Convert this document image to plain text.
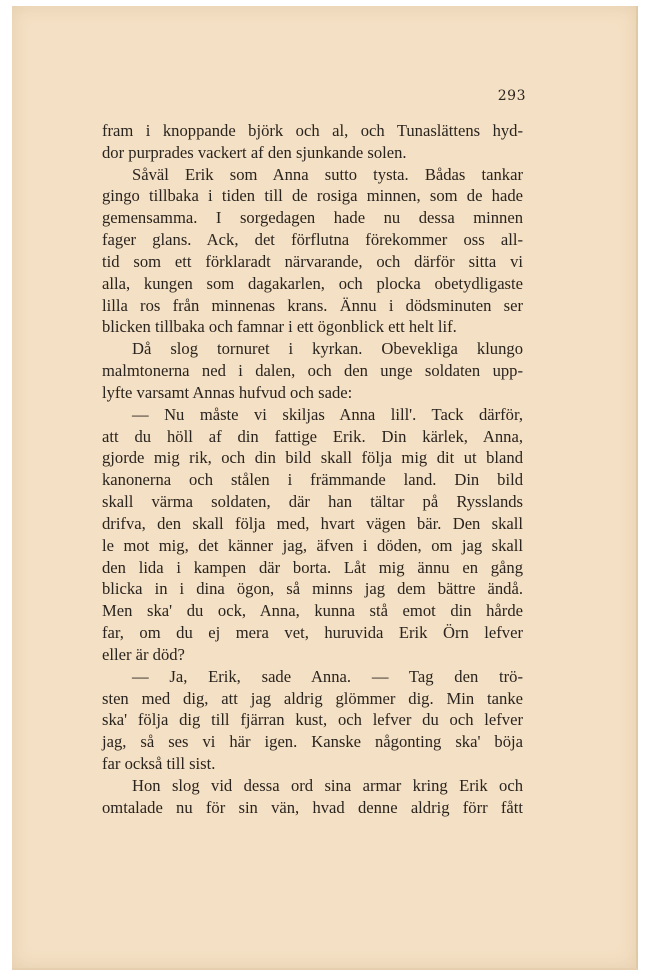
293
fram i knoppande björk och al, och Tunaslättens hyd-
dor purprades vackert af den sjunkande solen.
Såväl Erik som Anna sutto tysta. Bådas tankar
gingo tillbaka i tiden till de rosiga minnen, som de hade
gemensamma. I sorgedagen hade nu dessa minnen
fager glans. Ack, det förflutna förekommer oss all-
tid som ett förklaradt närvarande, och därför sitta vi
alla, kungen som dagakarlen, och plocka obetydligaste
lilla ros från minnenas krans. Ännu i dödsminuten ser
blicken tillbaka och famnar i ett ögonblick ett helt lif.
Då slog tornuret i kyrkan. Obevekliga klungo
malmtonerna ned i dalen, och den unge soldaten upp-
lyfte varsamt Annas hufvud och sade:
— Nu måste vi skiljas Anna lill'. Tack därför,
att du höll af din fattige Erik. Din kärlek, Anna,
gjorde mig rik, och din bild skall följa mig dit ut bland
kanonerna och stålen i främmande land. Din bild
skall värma soldaten, där han tältar på Rysslands
drifva, den skall följa med, hvart vägen bär. Den skall
le mot mig, det känner jag, äfven i döden, om jag skall
den lida i kampen där borta. Låt mig ännu en gång
blicka in i dina ögon, så minns jag dem bättre ändå.
Men ska' du ock, Anna, kunna stå emot din hårde
far, om du ej mera vet, huruvida Erik Örn lefver
eller är död?
— Ja, Erik, sade Anna. — Tag den trö-
sten med dig, att jag aldrig glömmer dig. Min tanke
ska' följa dig till fjärran kust, och lefver du och lefver
jag, så ses vi här igen. Kanske någonting ska' böja
far också till sist.
Hon slog vid dessa ord sina armar kring Erik och
omtalade nu för sin vän, hvad denne aldrig förr fått
